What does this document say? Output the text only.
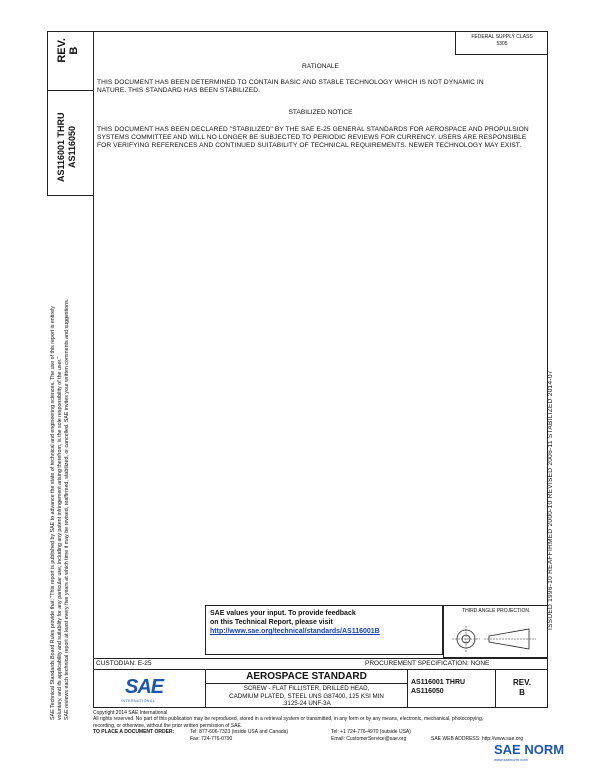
REV.
B
AS116001 THRU AS116050
FEDERAL SUPPLY CLASS
5305
RATIONALE
THIS DOCUMENT HAS BEEN DETERMINED TO CONTAIN BASIC AND STABLE TECHNOLOGY WHICH IS NOT DYNAMIC IN NATURE. THIS STANDARD HAS BEEN STABILIZED.
STABILIZED NOTICE
THIS DOCUMENT HAS BEEN DECLARED "STABILIZED" BY THE SAE E-25 GENERAL STANDARDS FOR AEROSPACE AND PROPULSION SYSTEMS COMMITTEE AND WILL NO LONGER BE SUBJECTED TO PERIODIC REVIEWS FOR CURRENCY. USERS ARE RESPONSIBLE FOR VERIFYING REFERENCES AND CONTINUED SUITABILITY OF TECHNICAL REQUIREMENTS. NEWER TECHNOLOGY MAY EXIST.
SAE Technical Standards Board Rules provide that: "This report is published by SAE to advance the state of technical and engineering sciences. The use of this report is entirely
voluntary, and its applicability and suitability for any particular use, including any patent infringement arising therefrom, is the sole responsibility of the user."
SAE reviews each technical report at least every five years at which time it may be revised, reaffirmed, stabilized, or cancelled. SAE invites your written comments and suggestions.	ISSUED 1996-10 REAFFIRMED 2000-10 REVISED 2006-11 STABILIZED 2014-07
SAE values your input. To provide feedback
on this Technical Report, please visit
http://www.sae.org/technical/standards/AS116001B
THIRD ANGLE PROJECTION
CUSTODIAN: E-25	PROCUREMENT SPECIFICATION: NONE
SAE
INTERNATIONAL
AEROSPACE STANDARD
SCREW - FLAT FILLISTER, DRILLED HEAD,
CADMIUM PLATED, STEEL UNS G87400, 125 KSI MIN
.3125-24 UNF-3A
AS116001 THRU
AS116050
REV.
B
Copyright 2014 SAE International
All rights reserved. No part of this publication may be reproduced, stored in a retrieval system or transmitted, in any form or by any means, electronic, mechanical, photocopying,
recording, or otherwise, without the prior written permission of SAE.
TO PLACE A DOCUMENT ORDER:	Tel: 877-606-7323 (inside USA and Canada)	Tel: +1 724-776-4970 (outside USA)
Fax: 724-776-0790	Email: CustomerService@sae.org	SAE WEB ADDRESS: http://www.sae.org
SAE NORM
www.saenorm.com
